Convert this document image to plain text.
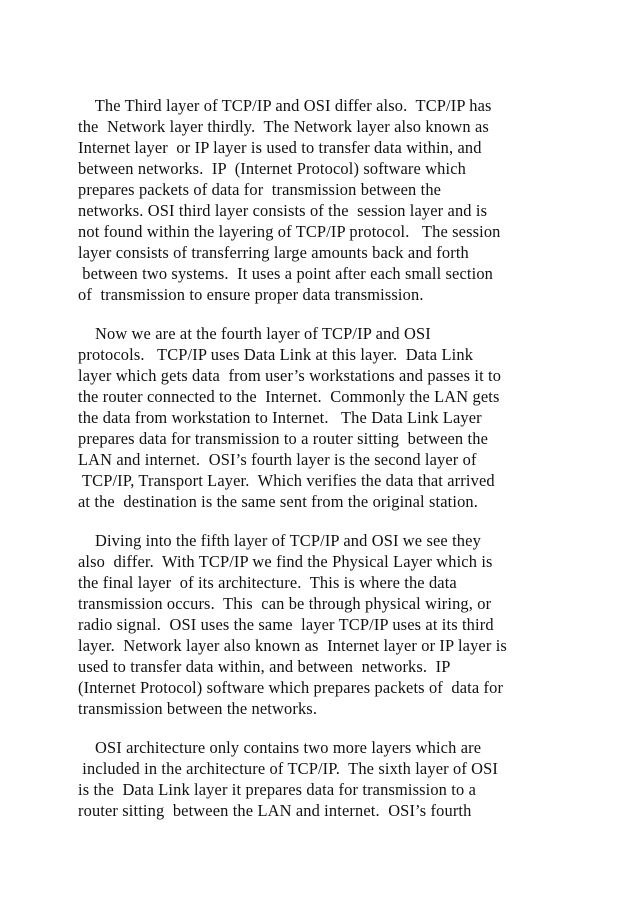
The Third layer of TCP/IP and OSI differ also.  TCP/IP has
the  Network layer thirdly.  The Network layer also known as
Internet layer  or IP layer is used to transfer data within, and
between networks.  IP  (Internet Protocol) software which
prepares packets of data for  transmission between the
networks. OSI third layer consists of the  session layer and is
not found within the layering of TCP/IP protocol.   The session
layer consists of transferring large amounts back and forth
between two systems.  It uses a point after each small section
of  transmission to ensure proper data transmission.
Now we are at the fourth layer of TCP/IP and OSI
protocols.   TCP/IP uses Data Link at this layer.  Data Link
layer which gets data  from user’s workstations and passes it to
the router connected to the  Internet.  Commonly the LAN gets
the data from workstation to Internet.   The Data Link Layer
prepares data for transmission to a router sitting  between the
LAN and internet.  OSI’s fourth layer is the second layer of
TCP/IP, Transport Layer.  Which verifies the data that arrived
at the  destination is the same sent from the original station.
Diving into the fifth layer of TCP/IP and OSI we see they
also  differ.  With TCP/IP we find the Physical Layer which is
the final layer  of its architecture.  This is where the data
transmission occurs.  This  can be through physical wiring, or
radio signal.  OSI uses the same  layer TCP/IP uses at its third
layer.  Network layer also known as  Internet layer or IP layer is
used to transfer data within, and between  networks.  IP
(Internet Protocol) software which prepares packets of  data for
transmission between the networks.
OSI architecture only contains two more layers which are
included in the architecture of TCP/IP.  The sixth layer of OSI
is the  Data Link layer it prepares data for transmission to a
router sitting  between the LAN and internet.  OSI’s fourth
